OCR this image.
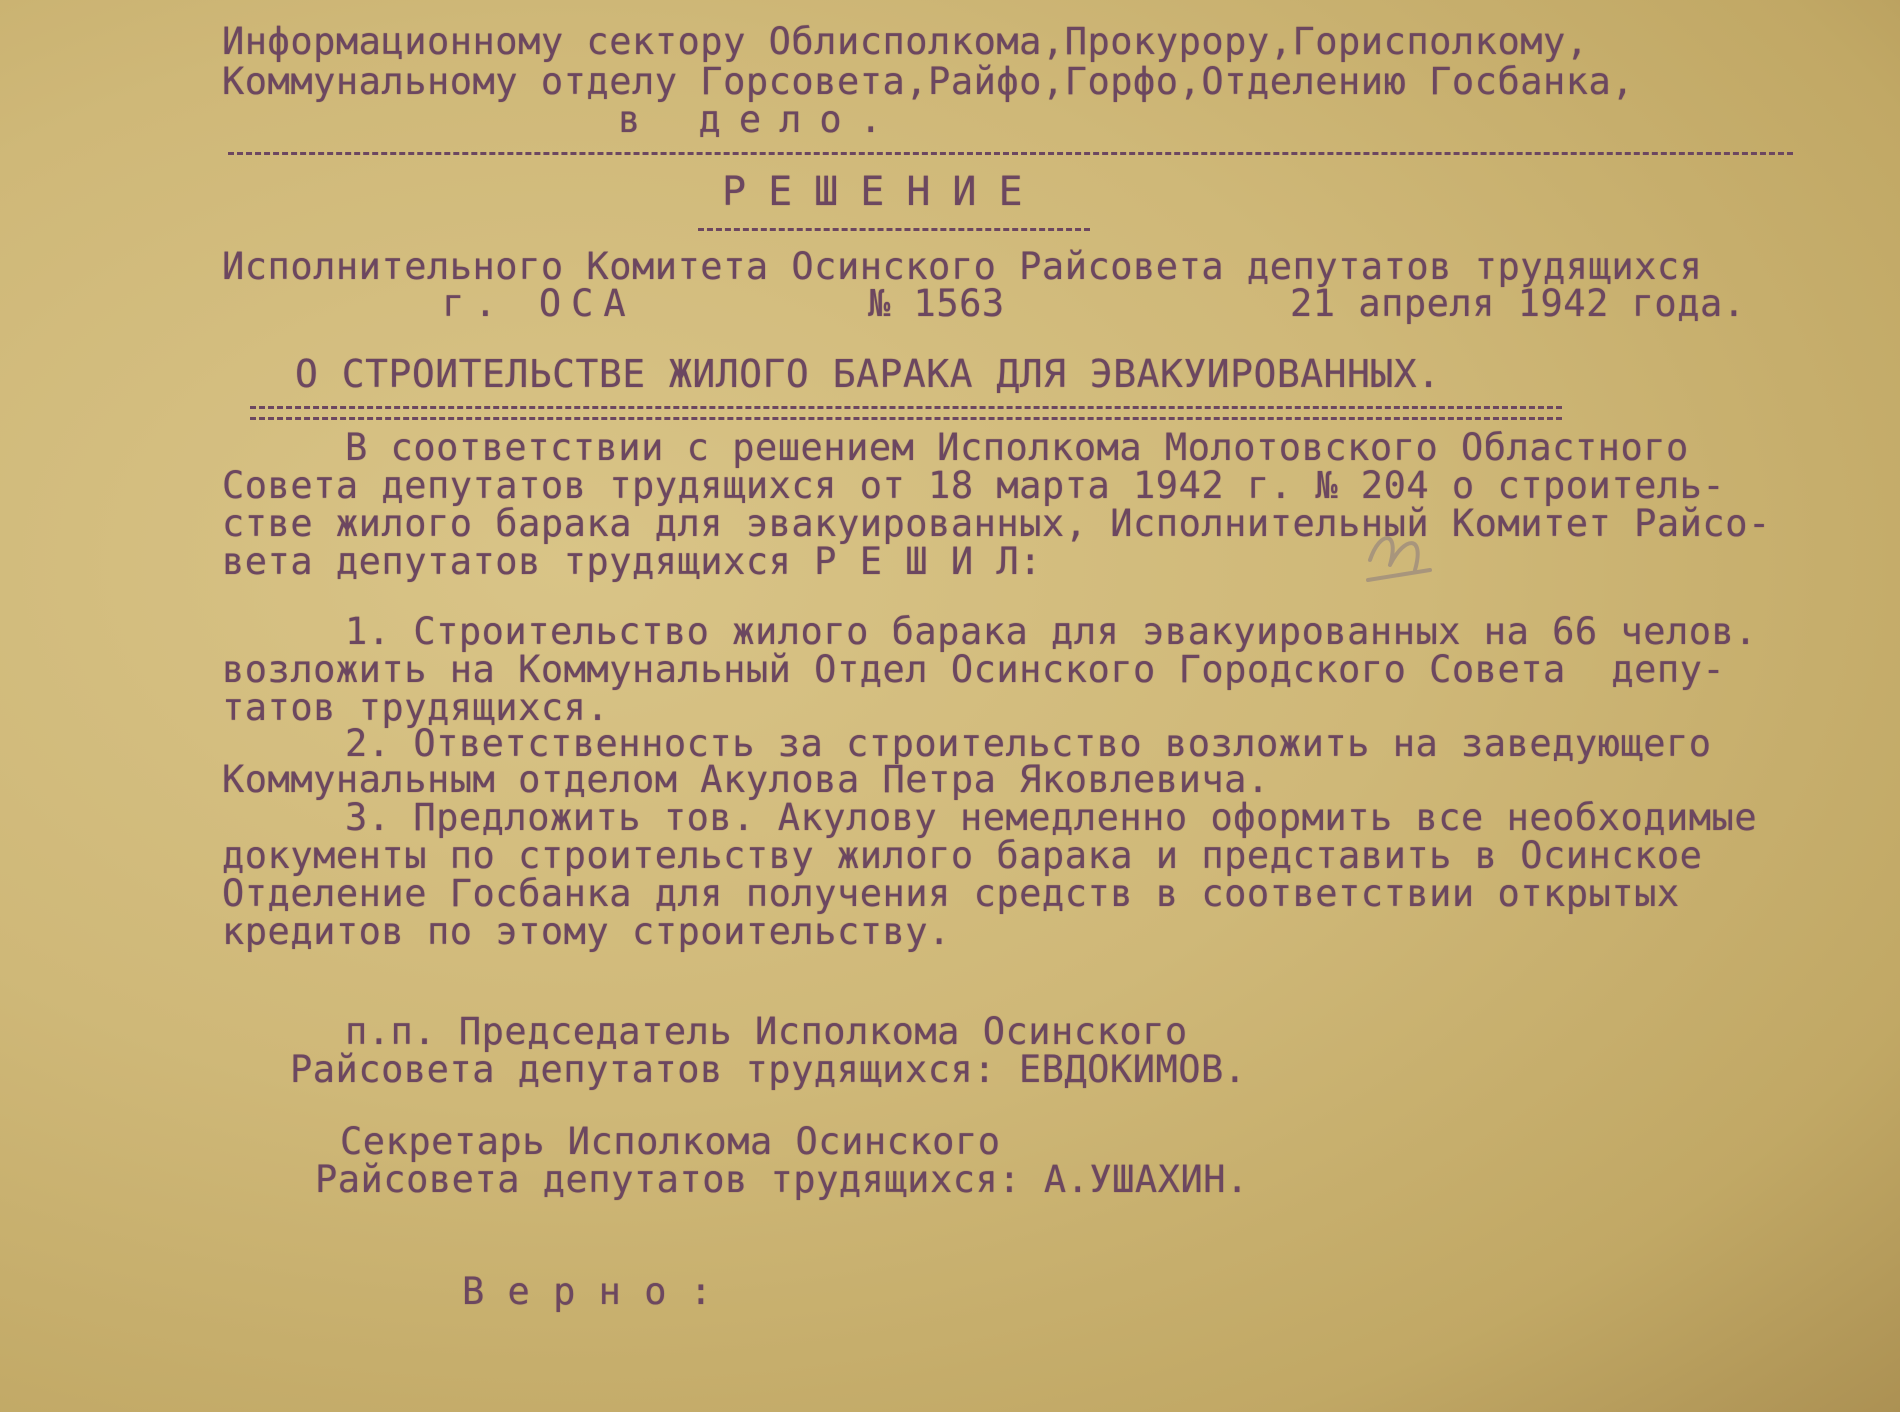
Информационному сектору Облисполкома,Прокурору,Горисполкому,
Коммунальному отделу Горсовета,Райфо,Горфо,Отделению Госбанка,
в дело.
РЕШЕНИЕ
Исполнительного Комитета Осинского Райсовета депутатов трудящихся
г. ОСА	№ 1563	21 апреля 1942 года.
О СТРОИТЕЛЬСТВЕ ЖИЛОГО БАРАКА ДЛЯ ЭВАКУИРОВАННЫХ.
В соответствии с решением Исполкома Молотовского Областного
Совета депутатов трудящихся от 18 марта 1942 г. № 204 о строитель-
стве жилого барака для эвакуированных, Исполнительный Комитет Райсо-
вета депутатов трудящихся Р Е Ш И Л:
1. Строительство жилого барака для эвакуированных на 66 челов.
возложить на Коммунальный Отдел Осинского Городского Совета  депу-
татов трудящихся.
2. Ответственность за строительство возложить на заведующего
Коммунальным отделом Акулова Петра Яковлевича.
3. Предложить тов. Акулову немедленно оформить все необходимые
документы по строительству жилого барака и представить в Осинское
Отделение Госбанка для получения средств в соответствии открытых
кредитов по этому строительству.
п.п. Председатель Исполкома Осинского
Райсовета депутатов трудящихся: ЕВДОКИМОВ.
Секретарь Исполкома Осинского
Райсовета депутатов трудящихся: А.УШАХИН.
В е р н о :
